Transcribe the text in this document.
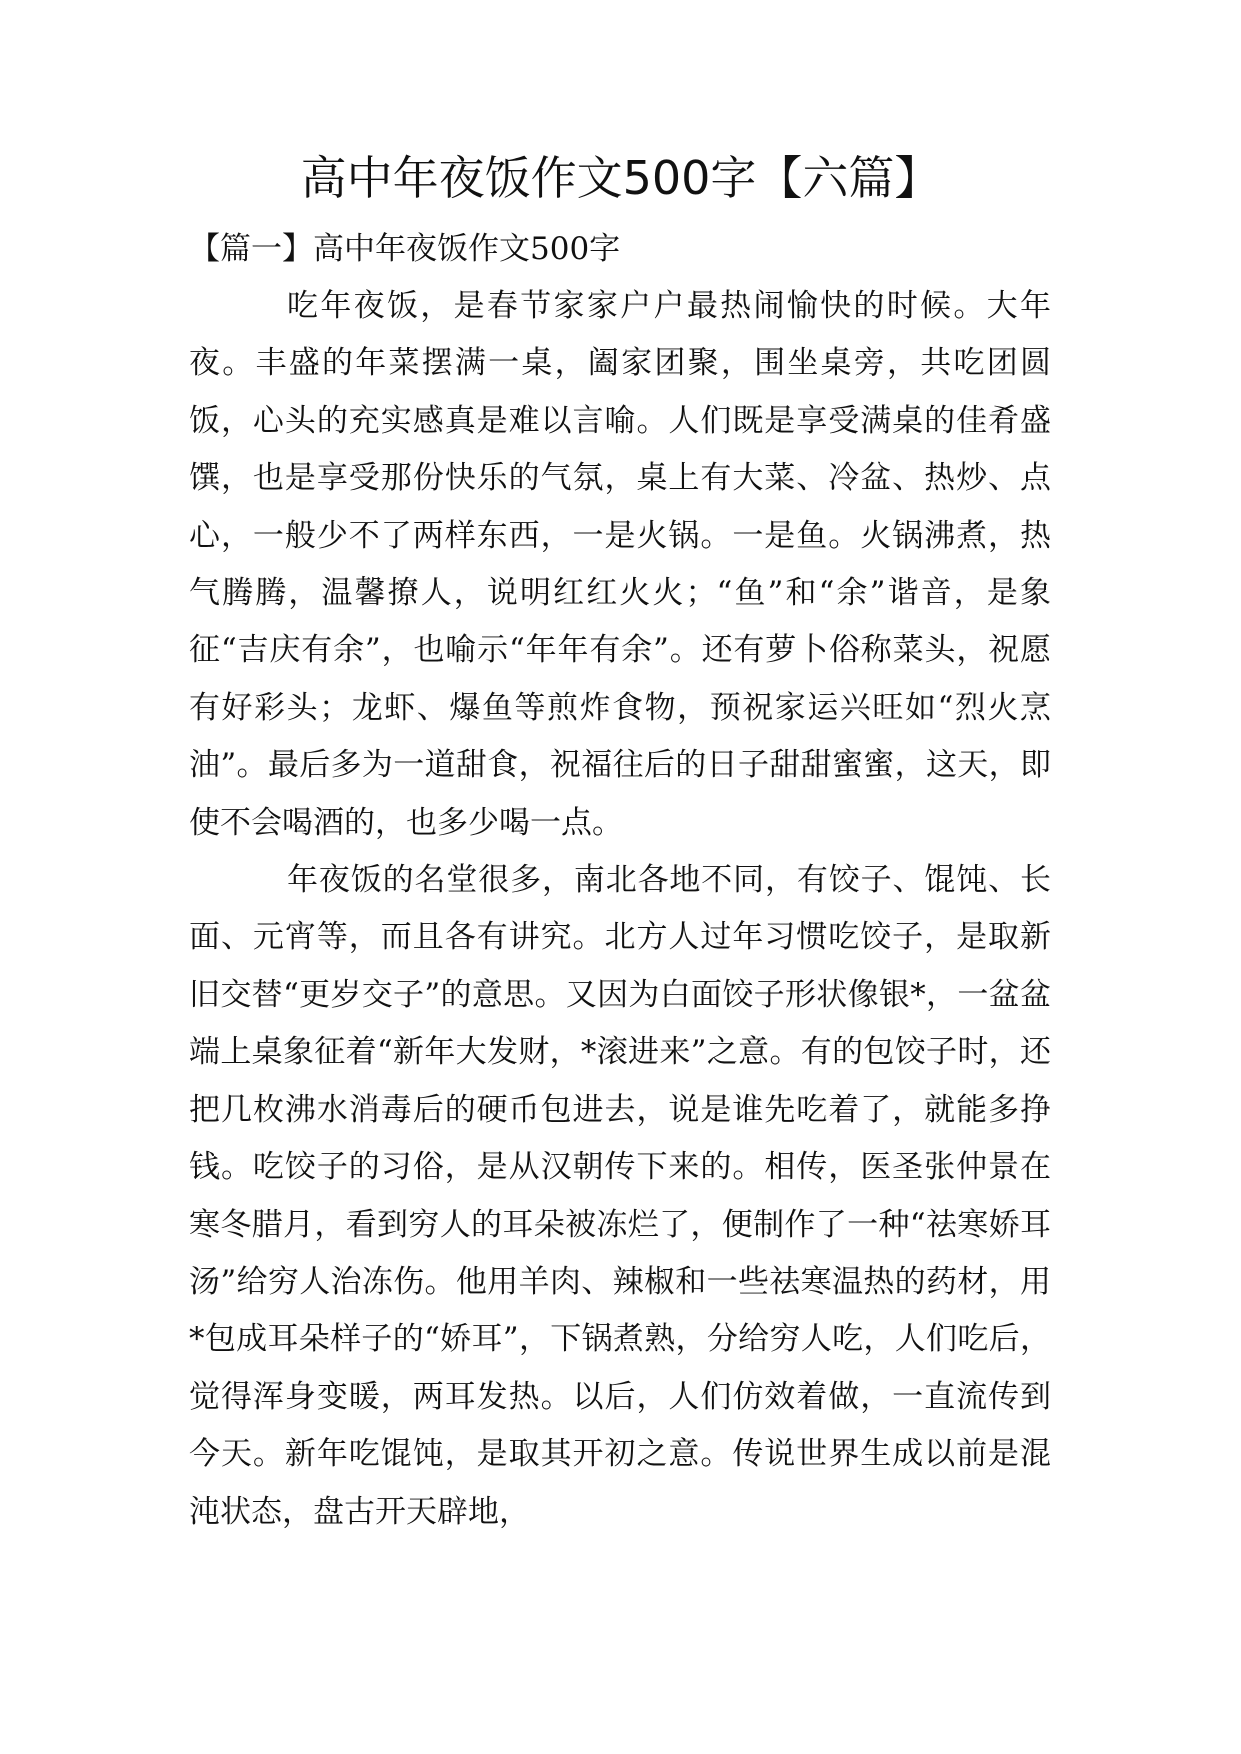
高中年夜饭作文500字【六篇】
【篇一】高中年夜饭作文500字

吃年夜饭，是春节家家户户最热闹愉快的时候。大年夜。丰盛的年菜摆满一桌，阖家团聚，围坐桌旁，共吃团圆饭，心头的充实感真是难以言喻。人们既是享受满桌的佳肴盛馔，也是享受那份快乐的气氛，桌上有大菜、冷盆、热炒、点心，一般少不了两样东西，一是火锅。一是鱼。火锅沸煮，热气腾腾，温馨撩人，说明红红火火；“鱼”和“余”谐音，是象征“吉庆有余”，也喻示“年年有余”。还有萝卜俗称菜头，祝愿有好彩头；龙虾、爆鱼等煎炸食物，预祝家运兴旺如“烈火烹油”。最后多为一道甜食，祝福往后的日子甜甜蜜蜜，这天，即使不会喝酒的，也多少喝一点。

年夜饭的名堂很多，南北各地不同，有饺子、馄饨、长面、元宵等，而且各有讲究。北方人过年习惯吃饺子，是取新旧交替“更岁交子”的意思。又因为白面饺子形状像银*，一盆盆端上桌象征着“新年大发财，*滚进来”之意。有的包饺子时，还把几枚沸水消毒后的硬币包进去，说是谁先吃着了，就能多挣钱。吃饺子的习俗，是从汉朝传下来的。相传，医圣张仲景在寒冬腊月，看到穷人的耳朵被冻烂了，便制作了一种“祛寒娇耳汤”给穷人治冻伤。他用羊肉、辣椒和一些祛寒温热的药材，用*包成耳朵样子的“娇耳”，下锅煮熟，分给穷人吃，人们吃后，觉得浑身变暖，两耳发热。以后，人们仿效着做，一直流传到今天。新年吃馄饨，是取其开初之意。传说世界生成以前是混沌状态，盘古开天辟地，
